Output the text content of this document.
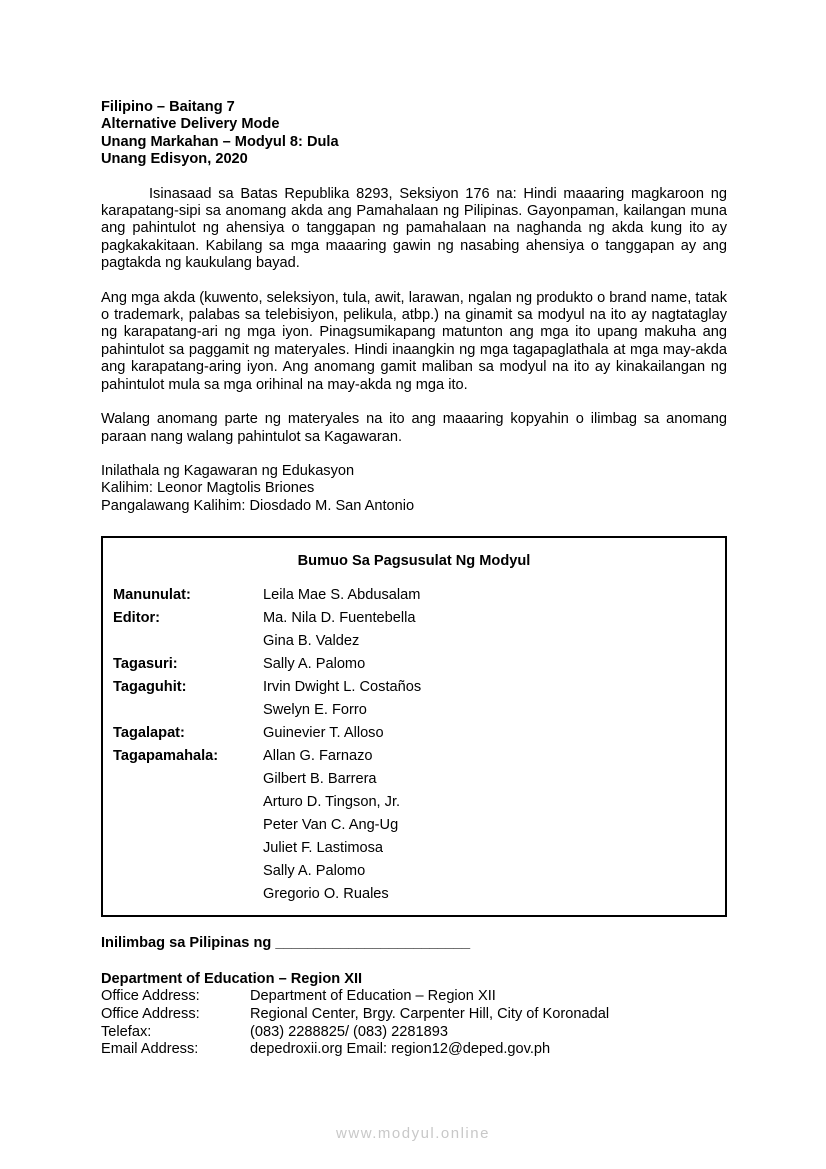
Filipino – Baitang 7
Alternative Delivery Mode
Unang Markahan – Modyul 8: Dula
Unang Edisyon, 2020

Isinasaad sa Batas Republika 8293, Seksiyon 176 na: Hindi maaaring magkaroon ng karapatang-sipi sa anomang akda ang Pamahalaan ng Pilipinas. Gayonpaman, kailangan muna ang pahintulot ng ahensiya o tanggapan ng pamahalaan na naghanda ng akda kung ito ay pagkakakitaan. Kabilang sa mga maaaring gawin ng nasabing ahensiya o tanggapan ay ang pagtakda ng kaukulang bayad.

Ang mga akda (kuwento, seleksiyon, tula, awit, larawan, ngalan ng produkto o brand name, tatak o trademark, palabas sa telebisiyon, pelikula, atbp.) na ginamit sa modyul na ito ay nagtataglay ng karapatang-ari ng mga iyon. Pinagsumikapang matunton ang mga ito upang makuha ang pahintulot sa paggamit ng materyales. Hindi inaangkin ng mga tagapaglathala at mga may-akda ang karapatang-aring iyon. Ang anomang gamit maliban sa modyul na ito ay kinakailangan ng pahintulot mula sa mga orihinal na may-akda ng mga ito.

Walang anomang parte ng materyales na ito ang maaaring kopyahin o ilimbag sa anomang paraan nang walang pahintulot sa Kagawaran.

Inilathala ng Kagawaran ng Edukasyon
Kalihim: Leonor Magtolis Briones
Pangalawang Kalihim: Diosdado M. San Antonio
Bumuo Sa Pagsusulat Ng Modyul
Manunulat:	Leila Mae S. Abdusalam
Editor:	Ma. Nila D. Fuentebella
Gina B. Valdez
Tagasuri:	Sally A. Palomo
Tagaguhit:	Irvin Dwight L. Costaños
Swelyn E. Forro
Tagalapat:	Guinevier T. Alloso
Tagapamahala:	Allan G. Farnazo
Gilbert B. Barrera
Arturo D. Tingson, Jr.
Peter Van C. Ang-Ug
Juliet F. Lastimosa
Sally A. Palomo
Gregorio O. Ruales
Inilimbag sa Pilipinas ng ________________________
Department of Education – Region XII
Office Address:	Department of Education – Region XII
Office Address:	Regional Center, Brgy. Carpenter Hill, City of Koronadal
Telefax:	(083) 2288825/ (083) 2281893
Email Address:	depedroxii.org Email: region12@deped.gov.ph
www.modyul.online
